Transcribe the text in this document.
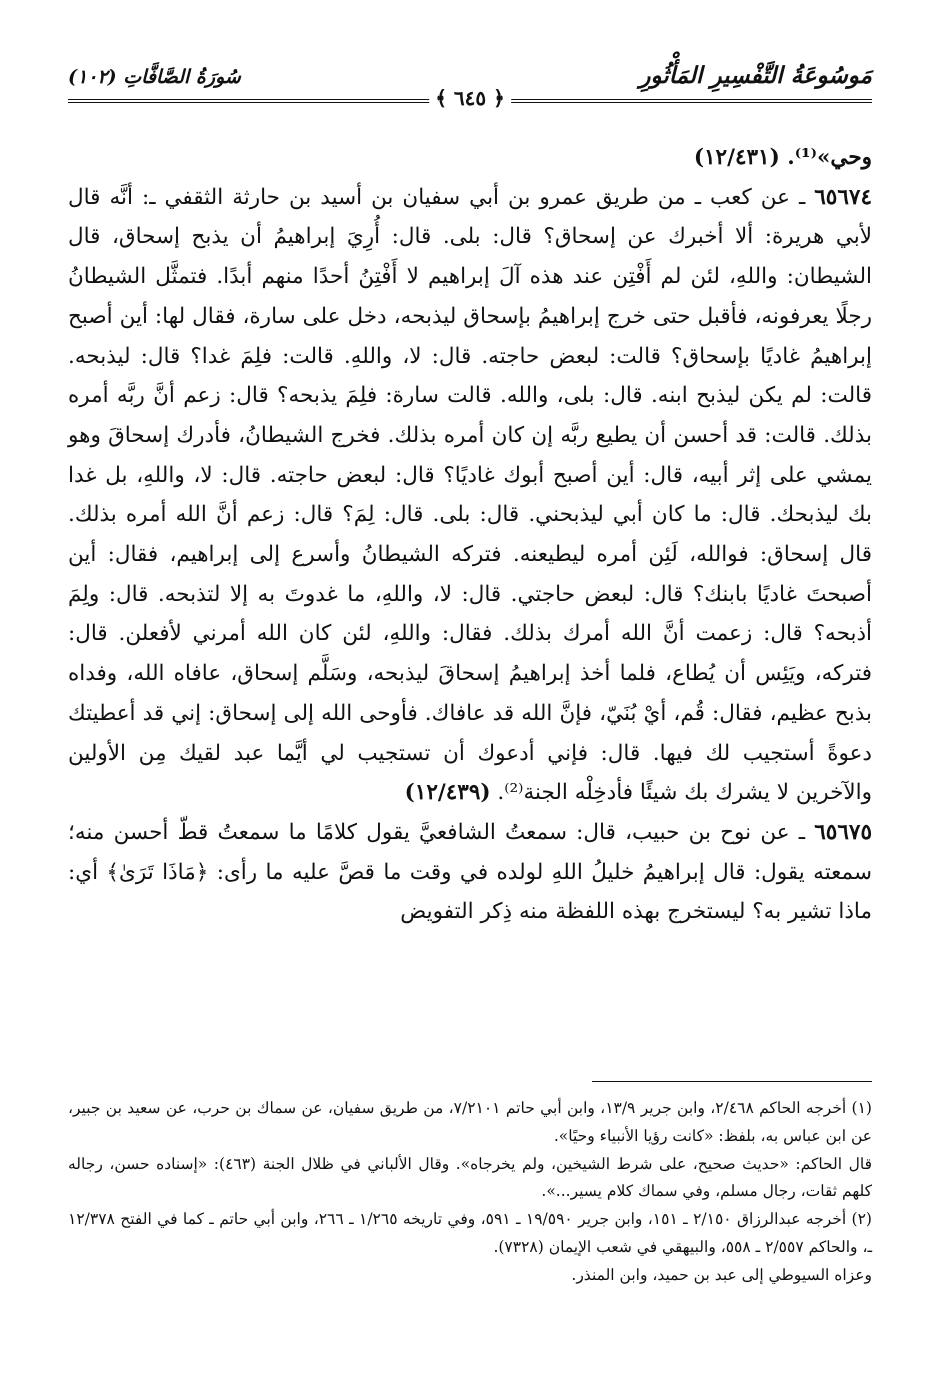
مَوسُوعَةُ التَّفْسِيرِ المَأْثُورِ
سُورَةُ الصَّافَّاتِ (١٠٢)
﴿ ٦٤٥ ﴾

وحي»⁽¹⁾. (١٢/٤٣١)

٦٥٦٧٤ ـ عن كعب ـ من طريق عمرو بن أبي سفيان بن أسيد بن حارثة الثقفي ـ: أنَّه قال لأبي هريرة: ألا أخبرك عن إسحاق؟ قال: بلى. قال: أُرِيَ إبراهيمُ أن يذبح إسحاق، قال الشيطان: واللهِ، لئن لم أَفْتِن عند هذه آلَ إبراهيم لا أَفْتِنُ أحدًا منهم أبدًا. فتمثَّل الشيطانُ رجلًا يعرفونه، فأقبل حتى خرج إبراهيمُ بإسحاق ليذبحه، دخل على سارة، فقال لها: أين أصبح إبراهيمُ غاديًا بإسحاق؟ قالت: لبعض حاجته. قال: لا، واللهِ. قالت: فلِمَ غدا؟ قال: ليذبحه. قالت: لم يكن ليذبح ابنه. قال: بلى، والله. قالت سارة: فلِمَ يذبحه؟ قال: زعم أنَّ ربَّه أمره بذلك. قالت: قد أحسن أن يطيع ربَّه إن كان أمره بذلك. فخرج الشيطانُ، فأدرك إسحاقَ وهو يمشي على إثر أبيه، قال: أين أصبح أبوك غاديًا؟ قال: لبعض حاجته. قال: لا، واللهِ، بل غدا بك ليذبحك. قال: ما كان أبي ليذبحني. قال: بلى. قال: لِمَ؟ قال: زعم أنَّ الله أمره بذلك. قال إسحاق: فوالله، لَئِن أمره ليطيعنه. فتركه الشيطانُ وأسرع إلى إبراهيم، فقال: أين أصبحتَ غاديًا بابنك؟ قال: لبعض حاجتي. قال: لا، واللهِ، ما غدوتَ به إلا لتذبحه. قال: ولِمَ أذبحه؟ قال: زعمت أنَّ الله أمرك بذلك. فقال: واللهِ، لئن كان الله أمرني لأفعلن. قال: فتركه، ويَئِس أن يُطاع، فلما أخذ إبراهيمُ إسحاقَ ليذبحه، وسَلَّم إسحاق، عافاه الله، وفداه بذبح عظيم، فقال: قُم، أيْ بُنَيّ، فإنَّ الله قد عافاك. فأوحى الله إلى إسحاق: إني قد أعطيتك دعوةً أستجيب لك فيها. قال: فإني أدعوك أن تستجيب لي أيَّما عبد لقيك مِن الأولين والآخرين لا يشرك بك شيئًا فأدخِلْه الجنة⁽²⁾. (١٢/٤٣٩)

٦٥٦٧٥ ـ عن نوح بن حبيب، قال: سمعتُ الشافعيَّ يقول كلامًا ما سمعتُ قطّ أحسن منه؛ سمعته يقول: قال إبراهيمُ خليلُ اللهِ لولده في وقت ما قصَّ عليه ما رأى: ﴿مَاذَا تَرَىٰ﴾ أي: ماذا تشير به؟ ليستخرج بهذه اللفظة منه ذِكر التفويض

(١) أخرجه الحاكم ٢/٤٦٨، وابن جرير ١٣/٩، وابن أبي حاتم ٧/٢١٠١، من طريق سفيان، عن سماك بن حرب، عن سعيد بن جبير، عن ابن عباس به، بلفظ: «كانت رؤيا الأنبياء وحيًا».

قال الحاكم: «حديث صحيح، على شرط الشيخين، ولم يخرجاه». وقال الألباني في ظلال الجنة (٤٦٣): «إسناده حسن، رجاله كلهم ثقات، رجال مسلم، وفي سماك كلام يسير...».

(٢) أخرجه عبدالرزاق ٢/١٥٠ ـ ١٥١، وابن جرير ١٩/٥٩٠ ـ ٥٩١، وفي تاريخه ١/٢٦٥ ـ ٢٦٦، وابن أبي حاتم ـ كما في الفتح ١٢/٣٧٨ ـ، والحاكم ٢/٥٥٧ ـ ٥٥٨، والبيهقي في شعب الإيمان (٧٣٢٨).

وعزاه السيوطي إلى عبد بن حميد، وابن المنذر.
